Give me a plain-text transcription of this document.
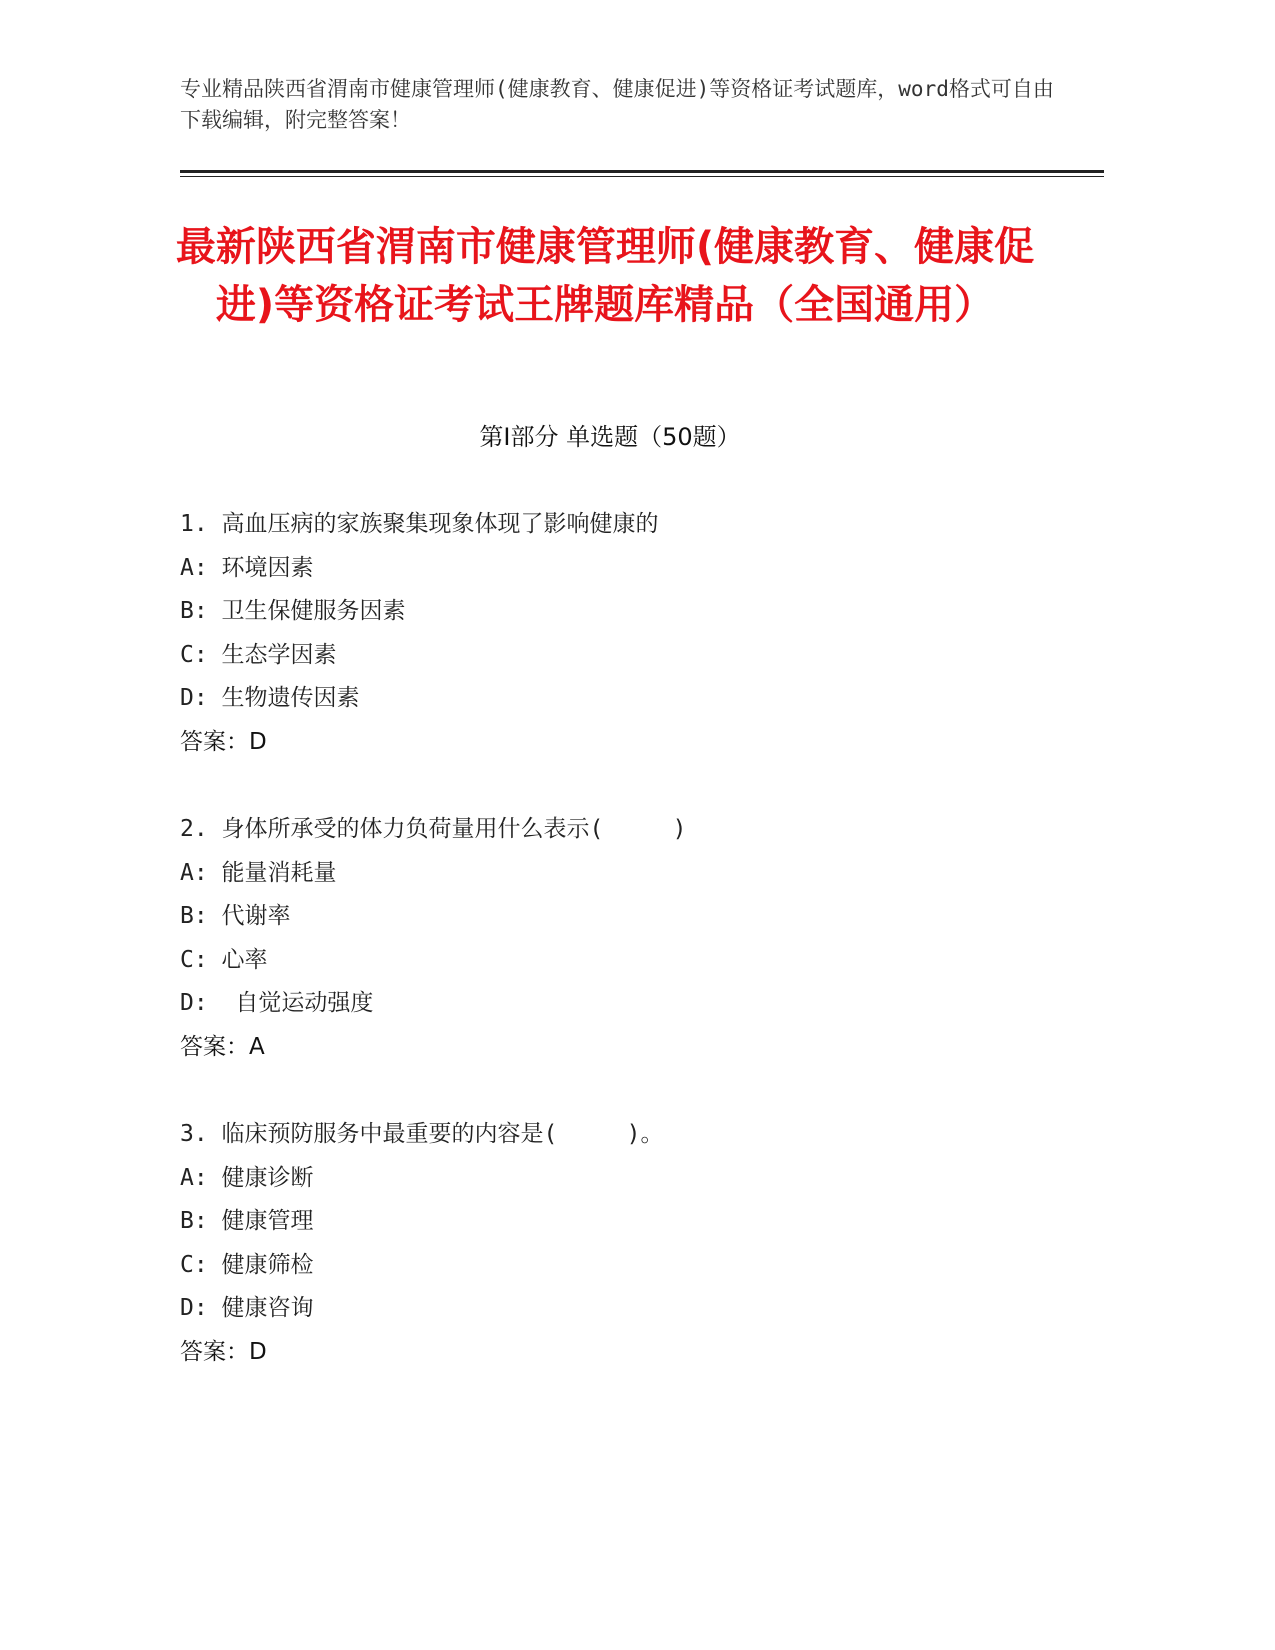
专业精品陕西省渭南市健康管理师(健康教育、健康促进)等资格证考试题库，word格式可自由下载编辑，附完整答案！
最新陕西省渭南市健康管理师(健康教育、健康促进)等资格证考试王牌题库精品（全国通用）
第Ⅰ部分 单选题（50题）
1. 高血压病的家族聚集现象体现了影响健康的
A: 环境因素
B: 卫生保健服务因素
C: 生态学因素
D: 生物遗传因素
答案：D
2. 身体所承受的体力负荷量用什么表示(     )
A: 能量消耗量
B: 代谢率
C: 心率
D:  自觉运动强度
答案：A
3. 临床预防服务中最重要的内容是(     )。
A: 健康诊断
B: 健康管理
C: 健康筛检
D: 健康咨询
答案：D
